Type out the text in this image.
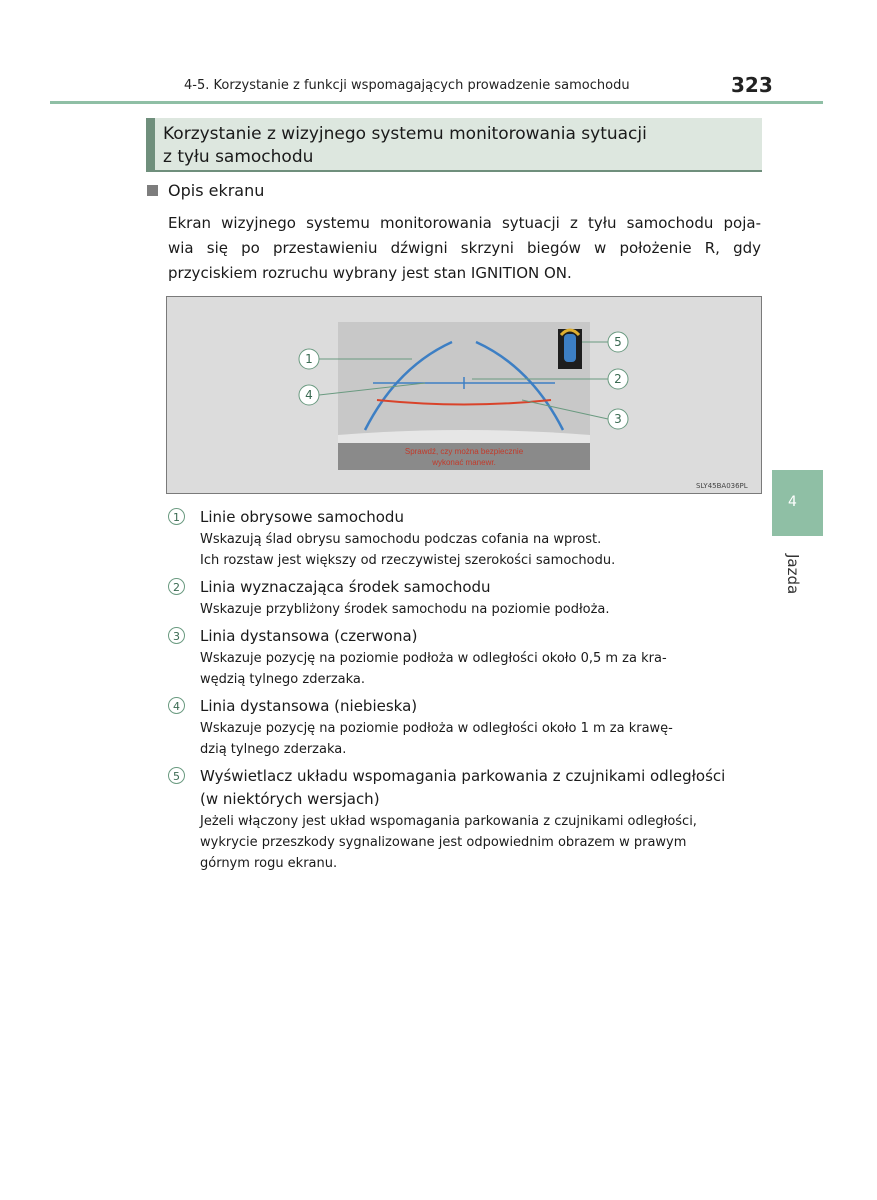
4-5. Korzystanie z funkcji wspomagających prowadzenie samochodu	323
Korzystanie z wizyjnego systemu monitorowania sytuacji
z tyłu samochodu
Opis ekranu
Ekran wizyjnego systemu monitorowania sytuacji z tyłu samochodu poja-
wia się po przestawieniu dźwigni skrzyni biegów w położenie R, gdy
przyciskiem rozruchu wybrany jest stan IGNITION ON.
Sprawdź, czy można bezpiecznie
wykonać manewr.
1
2
3
4
5
SLY45BA036PL
1	Linie obrysowe samochodu
Wskazują ślad obrysu samochodu podczas cofania na wprost.
Ich rozstaw jest większy od rzeczywistej szerokości samochodu.
2	Linia wyznaczająca środek samochodu
Wskazuje przybliżony środek samochodu na poziomie podłoża.
3	Linia dystansowa (czerwona)
Wskazuje pozycję na poziomie podłoża w odległości około 0,5 m za kra-
wędzią tylnego zderzaka.
4	Linia dystansowa (niebieska)
Wskazuje pozycję na poziomie podłoża w odległości około 1 m za krawę-
dzią tylnego zderzaka.
5	Wyświetlacz układu wspomagania parkowania z czujnikami odległości
(w niektórych wersjach)
Jeżeli włączony jest układ wspomagania parkowania z czujnikami odległości,
wykrycie przeszkody sygnalizowane jest odpowiednim obrazem w prawym
górnym rogu ekranu.
4
Jazda
